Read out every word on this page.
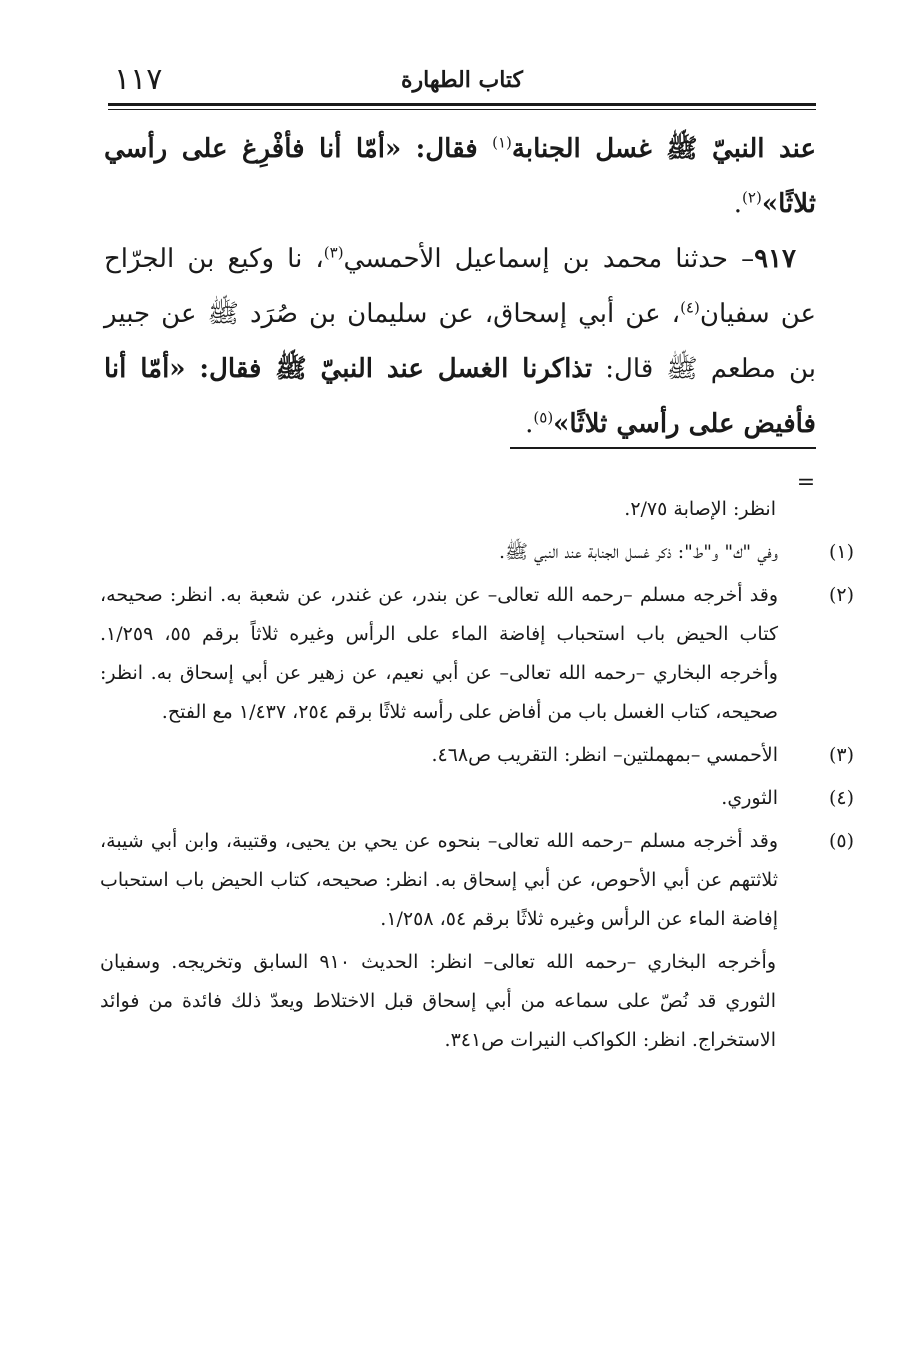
١١٧	كتاب الطهارة

عند النبيّ ﷺ غسل الجنابة$^{(١)}$ فقال: «أمّا أنا فأفْرِغ على رأسي ثلاثًا»$^{(٢)}$.

٩١٧– حدثنا محمد بن إسماعيل الأحمسي$^{(٣)}$، نا وكيع بن الجرّاح عن سفيان$^{(٤)}$، عن أبي إسحاق، عن سليمان بن صُرَد ﷺ عن جبير بن مطعم ﷺ قال: تذاكرنا الغسل عند النبيّ ﷺ فقال: «أمّا أنا فأفيض على رأسي ثلاثًا»$^{(٥)}$.

=

انظر: الإصابة ٢/٧٥.

(١)وفي "ك" و"ط": ذكر غسل الجنابة عند النبي ﷺ.

(٢)وقد أخرجه مسلم –رحمه الله تعالى– عن بندر، عن غندر، عن شعبة به. انظر: صحيحه، كتاب الحيض باب استحباب إفاضة الماء على الرأس وغيره ثلاثاً برقم ٥٥، ١/٢٥٩. وأخرجه البخاري –رحمه الله تعالى– عن أبي نعيم، عن زهير عن أبي إسحاق به. انظر: صحيحه، كتاب الغسل باب من أفاض على رأسه ثلاثًا برقم ٢٥٤، ١/٤٣٧ مع الفتح.

(٣)الأحمسي –بمهملتين– انظر: التقريب ص٤٦٨.

(٤)الثوري.

(٥)وقد أخرجه مسلم –رحمه الله تعالى– بنحوه عن يحي بن يحيى، وقتيبة، وابن أبي شيبة، ثلاثتهم عن أبي الأحوص، عن أبي إسحاق به. انظر: صحيحه، كتاب الحيض باب استحباب إفاضة الماء عن الرأس وغيره ثلاثًا برقم ٥٤، ١/٢٥٨.

وأخرجه البخاري –رحمه الله تعالى– انظر: الحديث ٩١٠ السابق وتخريجه. وسفيان الثوري قد نُصّ على سماعه من أبي إسحاق قبل الاختلاط ويعدّ ذلك فائدة من فوائد الاستخراج. انظر: الكواكب النيرات ص٣٤١.
